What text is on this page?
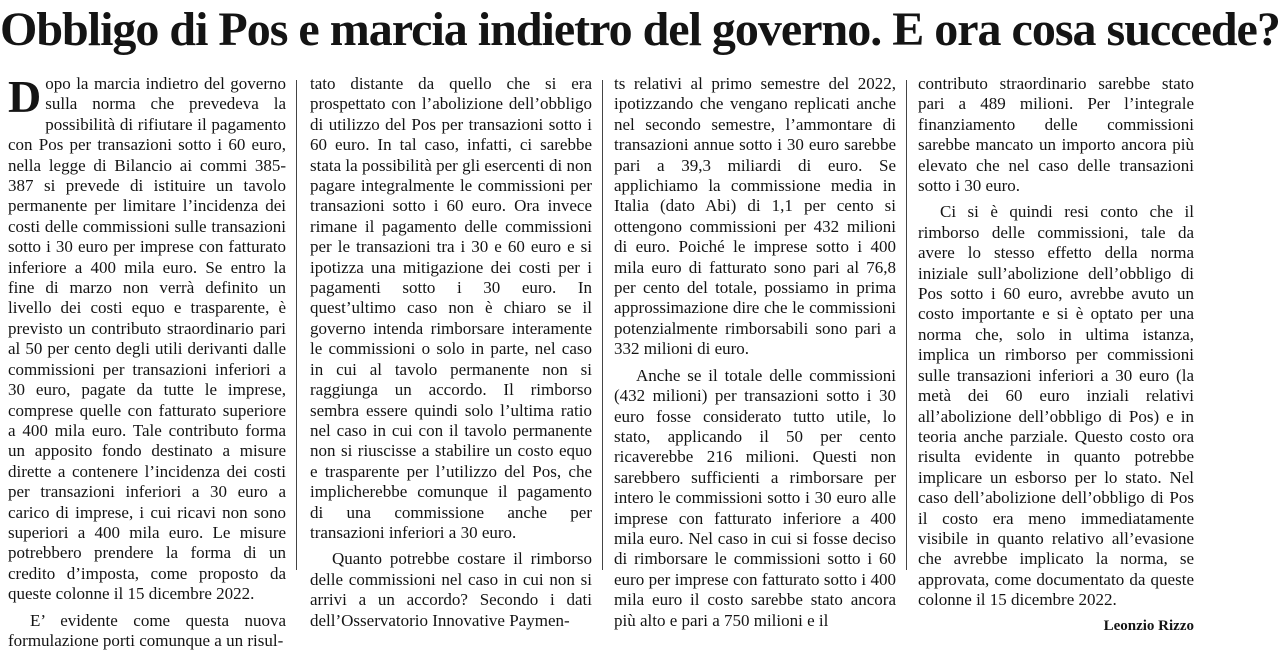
Obbligo di Pos e marcia indietro del governo. E ora cosa succede?

Dopo la marcia indietro del governo sulla norma che prevedeva la possibilità di rifiutare il pagamento con Pos per transazioni sotto i 60 euro, nella legge di Bilancio ai commi 385-387 si prevede di istituire un tavolo permanente per limitare l’incidenza dei costi delle commissioni sulle transazioni sotto i 30 euro per imprese con fatturato inferiore a 400 mila euro. Se entro la fine di marzo non verrà definito un livello dei costi equo e trasparente, è previsto un contributo straordinario pari al 50 per cento degli utili derivanti dalle commissioni per transazioni inferiori a 30 euro, pagate da tutte le imprese, comprese quelle con fatturato superiore a 400 mila euro. Tale contributo forma un apposito fondo destinato a misure dirette a contenere l’incidenza dei costi per transazioni inferiori a 30 euro a carico di imprese, i cui ricavi non sono superiori a 400 mila euro. Le misure potrebbero prendere la forma di un credito d’imposta, come proposto da queste colonne il 15 dicembre 2022.

E’ evidente come questa nuova formulazione porti comunque a un risul-

tato distante da quello che si era prospettato con l’abolizione dell’obbligo di utilizzo del Pos per transazioni sotto i 60 euro. In tal caso, infatti, ci sarebbe stata la possibilità per gli esercenti di non pagare integralmente le commissioni per transazioni sotto i 60 euro. Ora invece rimane il pagamento delle commissioni per le transazioni tra i 30 e 60 euro e si ipotizza una mitigazione dei costi per i pagamenti sotto i 30 euro. In quest’ultimo caso non è chiaro se il governo intenda rimborsare interamente le commissioni o solo in parte, nel caso in cui al tavolo permanente non si raggiunga un accordo. Il rimborso sembra essere quindi solo l’ultima ratio nel caso in cui con il tavolo permanente non si riuscisse a stabilire un costo equo e trasparente per l’utilizzo del Pos, che implicherebbe comunque il pagamento di una commissione anche per transazioni inferiori a 30 euro.

Quanto potrebbe costare il rimborso delle commissioni nel caso in cui non si arrivi a un accordo? Secondo i dati dell’Osservatorio Innovative Paymen-

ts relativi al primo semestre del 2022, ipotizzando che vengano replicati anche nel secondo semestre, l’ammontare di transazioni annue sotto i 30 euro sarebbe pari a 39,3 miliardi di euro. Se applichiamo la commissione media in Italia (dato Abi) di 1,1 per cento si ottengono commissioni per 432 milioni di euro. Poiché le imprese sotto i 400 mila euro di fatturato sono pari al 76,8 per cento del totale, possiamo in prima approssimazione dire che le commissioni potenzialmente rimborsabili sono pari a 332 milioni di euro.

Anche se il totale delle commissioni (432 milioni) per transazioni sotto i 30 euro fosse considerato tutto utile, lo stato, applicando il 50 per cento ricaverebbe 216 milioni. Questi non sarebbero sufficienti a rimborsare per intero le commissioni sotto i 30 euro alle imprese con fatturato inferiore a 400 mila euro. Nel caso in cui si fosse deciso di rimborsare le commissioni sotto i 60 euro per imprese con fatturato sotto i 400 mila euro il costo sarebbe stato ancora più alto e pari a 750 milioni e il

contributo straordinario sarebbe stato pari a 489 milioni. Per l’integrale finanziamento delle commissioni sarebbe mancato un importo ancora più elevato che nel caso delle transazioni sotto i 30 euro.

Ci si è quindi resi conto che il rimborso delle commissioni, tale da avere lo stesso effetto della norma iniziale sull’abolizione dell’obbligo di Pos sotto i 60 euro, avrebbe avuto un costo importante e si è optato per una norma che, solo in ultima istanza, implica un rimborso per commissioni sulle transazioni inferiori a 30 euro (la metà dei 60 euro inziali relativi all’abolizione dell’obbligo di Pos) e in teoria anche parziale. Questo costo ora risulta evidente in quanto potrebbe implicare un esborso per lo stato. Nel caso dell’abolizione dell’obbligo di Pos il costo era meno immediatamente visibile in quanto relativo all’evasione che avrebbe implicato la norma, se approvata, come documentato da queste colonne il 15 dicembre 2022.

Leonzio Rizzo
